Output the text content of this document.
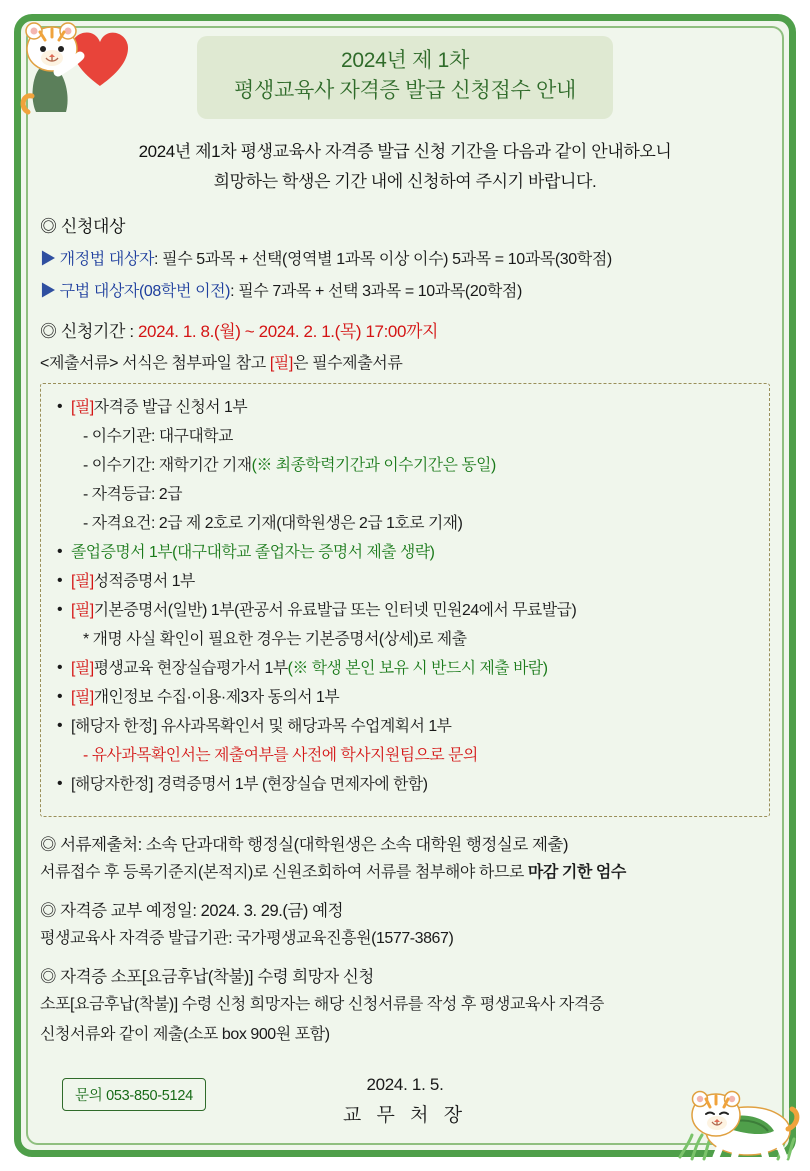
2024년 제 1차
평생교육사 자격증 발급 신청접수 안내
2024년 제1차 평생교육사 자격증 발급 신청 기간을 다음과 같이 안내하오니
희망하는 학생은 기간 내에 신청하여 주시기 바랍니다.
◎ 신청대상
▶ 개정법 대상자: 필수 5과목 + 선택(영역별 1과목 이상 이수) 5과목 = 10과목(30학점)
▶ 구법 대상자(08학번 이전): 필수 7과목 + 선택 3과목 = 10과목(20학점)
◎ 신청기간 : 2024. 1. 8.(월) ~ 2024. 2. 1.(목) 17:00까지
<제출서류> 서식은 첨부파일 참고 [필]은 필수제출서류
• [필]자격증 발급 신청서 1부
- 이수기관: 대구대학교
- 이수기간: 재학기간 기재(※ 최종학력기간과 이수기간은 동일)
- 자격등급: 2급
- 자격요건: 2급 제 2호로 기재(대학원생은 2급 1호로 기재)
• 졸업증명서 1부(대구대학교 졸업자는 증명서 제출 생략)
• [필]성적증명서 1부
• [필]기본증명서(일반) 1부(관공서 유료발급 또는 인터넷 민원24에서 무료발급)
* 개명 사실 확인이 필요한 경우는 기본증명서(상세)로 제출
• [필]평생교육 현장실습평가서 1부(※ 학생 본인 보유 시 반드시 제출 바람)
• [필]개인정보 수집·이용·제3자 동의서 1부
• [해당자 한정] 유사과목확인서 및 해당과목 수업계획서 1부
- 유사과목확인서는 제출여부를 사전에 학사지원팀으로 문의
• [해당자한정] 경력증명서 1부 (현장실습 면제자에 한함)
◎ 서류제출처: 소속 단과대학 행정실(대학원생은 소속 대학원 행정실로 제출)
서류접수 후 등록기준지(본적지)로 신원조회하여 서류를 첨부해야 하므로 마감 기한 엄수
◎ 자격증 교부 예정일: 2024. 3. 29.(금) 예정
평생교육사 자격증 발급기관: 국가평생교육진흥원(1577-3867)
◎ 자격증 소포[요금후납(착불)] 수령 희망자 신청
소포[요금후납(착불)] 수령 신청 희망자는 해당 신청서류를 작성 후 평생교육사 자격증
신청서류와 같이 제출(소포 box 900원 포함)
문의 053-850-5124
2024. 1. 5.
교 무 처 장
